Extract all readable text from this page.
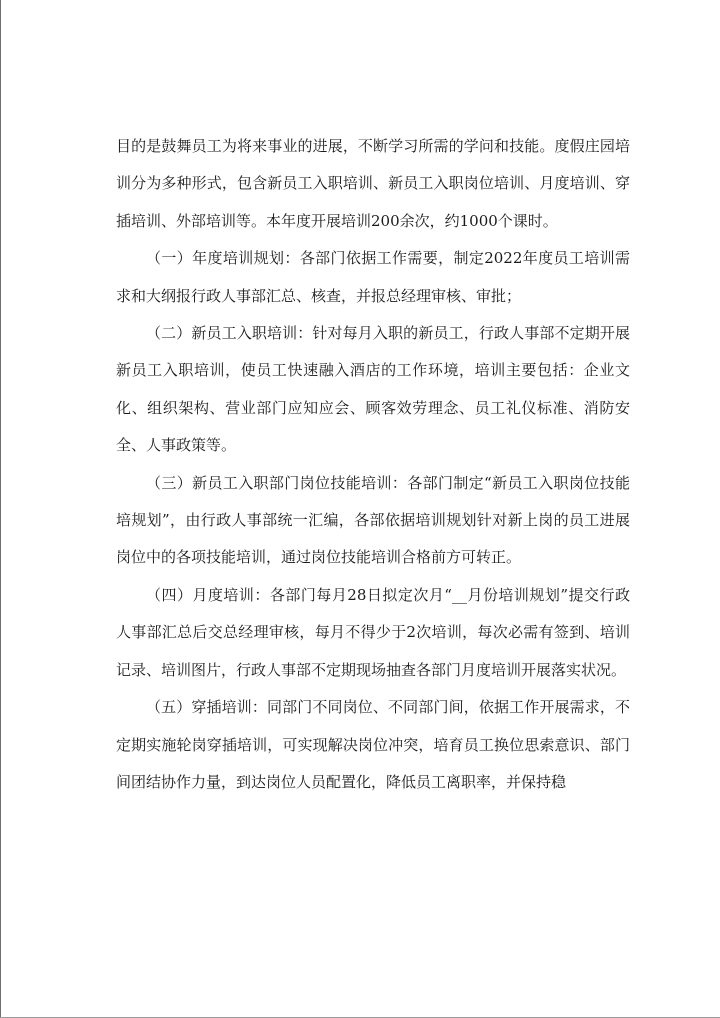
目的是鼓舞员工为将来事业的进展，不断学习所需的学问和技能。度假庄园培训分为多种形式，包含新员工入职培训、新员工入职岗位培训、月度培训、穿插培训、外部培训等。本年度开展培训200余次，约1000个课时。

（一）年度培训规划：各部门依据工作需要，制定2022年度员工培训需求和大纲报行政人事部汇总、核查，并报总经理审核、审批；

（二）新员工入职培训：针对每月入职的新员工，行政人事部不定期开展新员工入职培训，使员工快速融入酒店的工作环境，培训主要包括：企业文化、组织架构、营业部门应知应会、顾客效劳理念、员工礼仪标准、消防安全、人事政策等。

（三）新员工入职部门岗位技能培训：各部门制定“新员工入职岗位技能培规划”，由行政人事部统一汇编，各部依据培训规划针对新上岗的员工进展岗位中的各项技能培训，通过岗位技能培训合格前方可转正。

（四）月度培训：各部门每月28日拟定次月“__月份培训规划”提交行政人事部汇总后交总经理审核，每月不得少于2次培训，每次必需有签到、培训记录、培训图片，行政人事部不定期现场抽查各部门月度培训开展落实状况。

（五）穿插培训：同部门不同岗位、不同部门间，依据工作开展需求，不定期实施轮岗穿插培训，可实现解决岗位冲突，培育员工换位思索意识、部门间团结协作力量，到达岗位人员配置化，降低员工离职率，并保持稳
